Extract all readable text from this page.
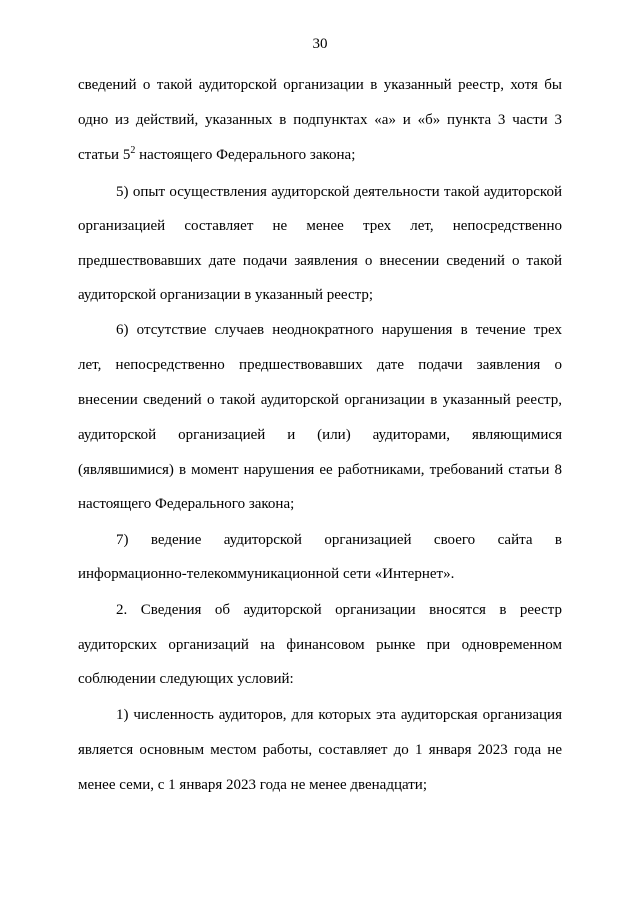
30
сведений о такой аудиторской организации в указанный реестр, хотя бы
одно из действий, указанных в подпунктах «а» и «б» пункта 3 части 3
статьи $5^2$ настоящего Федерального закона;
5) опыт осуществления аудиторской деятельности такой аудиторской
организацией составляет не менее трех лет, непосредственно
предшествовавших дате подачи заявления о внесении сведений о такой
аудиторской организации в указанный реестр;
6) отсутствие случаев неоднократного нарушения в течение трех
лет, непосредственно предшествовавших дате подачи заявления о
внесении сведений о такой аудиторской организации в указанный реестр,
аудиторской организацией и (или) аудиторами, являющимися
(являвшимися) в момент нарушения ее работниками, требований статьи 8
настоящего Федерального закона;
7) ведение аудиторской организацией своего сайта в
информационно-телекоммуникационной сети «Интернет».
2. Сведения об аудиторской организации вносятся в реестр
аудиторских организаций на финансовом рынке при одновременном
соблюдении следующих условий:
1) численность аудиторов, для которых эта аудиторская организация
является основным местом работы, составляет до 1 января 2023 года не
менее семи, с 1 января 2023 года не менее двенадцати;
